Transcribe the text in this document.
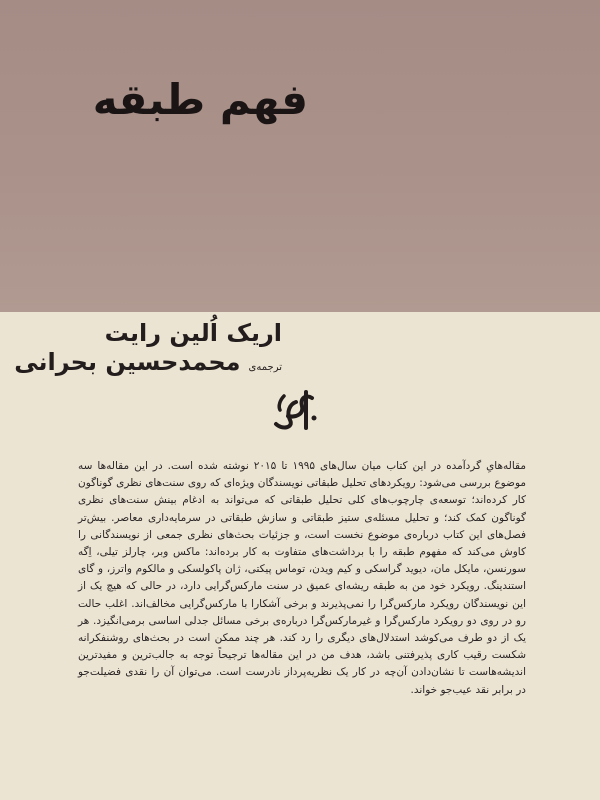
فهم طبقه
اریک اُلین رایت
ترجمه‌ی
محمدحسین بحرانی

مقاله‌هایِ گردآمده در این کتاب میان سال‌های ۱۹۹۵ تا ۲۰۱۵ نوشته شده است. در این مقاله‌ها سه موضوع بررسی می‌شود: رویکردهای تحلیل طبقاتی نویسندگان ویژه‌ای که روی سنت‌های نظری گوناگون کار کرده‌اند؛ توسعه‌ی چارچوب‌های کلی تحلیل طبقاتی که می‌تواند به ادغام بینش سنت‌های نظری گوناگون کمک کند؛ و تحلیل مسئله‌ی ستیز طبقاتی و سازش طبقاتی در سرمایه‌داری معاصر. بیش‌تر فصل‌های این کتاب درباره‌ی موضوع نخست است، و جزئیات بحث‌های نظری جمعی از نویسندگانی را کاوش می‌کند که مفهوم طبقه را با برداشت‌های متفاوت به کار برده‌اند: ماکس وبر، چارلز تیلی، اِگه سورنسن، مایکل مان، دیوید گراسکی و کیم ویدن، توماس پیکتی، ژان پاکولسکی و مالکوم واترز، و گای استندینگ. رویکرد خود من به طبقه ریشه‌ای عمیق در سنت مارکس‌گرایی دارد، در حالی که هیچ یک از این نویسندگان رویکرد مارکس‌گرا را نمی‌پذیرند و برخی آشکارا با مارکس‌گرایی مخالف‌اند. اغلب حالت رو در روی دو رویکرد مارکس‌گرا و غیرمارکس‌گرا درباره‌ی برخی مسائل جدلی اساسی برمی‌انگیزد. هر یک از دو طرف می‌کوشد استدلال‌های دیگری را رد کند. هر چند ممکن است در بحث‌های روشنفکرانه شکست رقیب کاری پذیرفتنی باشد، هدف من در این مقاله‌ها ترجیحاً توجه به جالب‌ترین و مفیدترین اندیشه‌هاست تا نشان‌دادن آن‌چه در کار یک نظریه‌پرداز نادرست است. می‌توان آن را نقدی فضیلت‌جو در برابر نقد عیب‌جو خواند.
